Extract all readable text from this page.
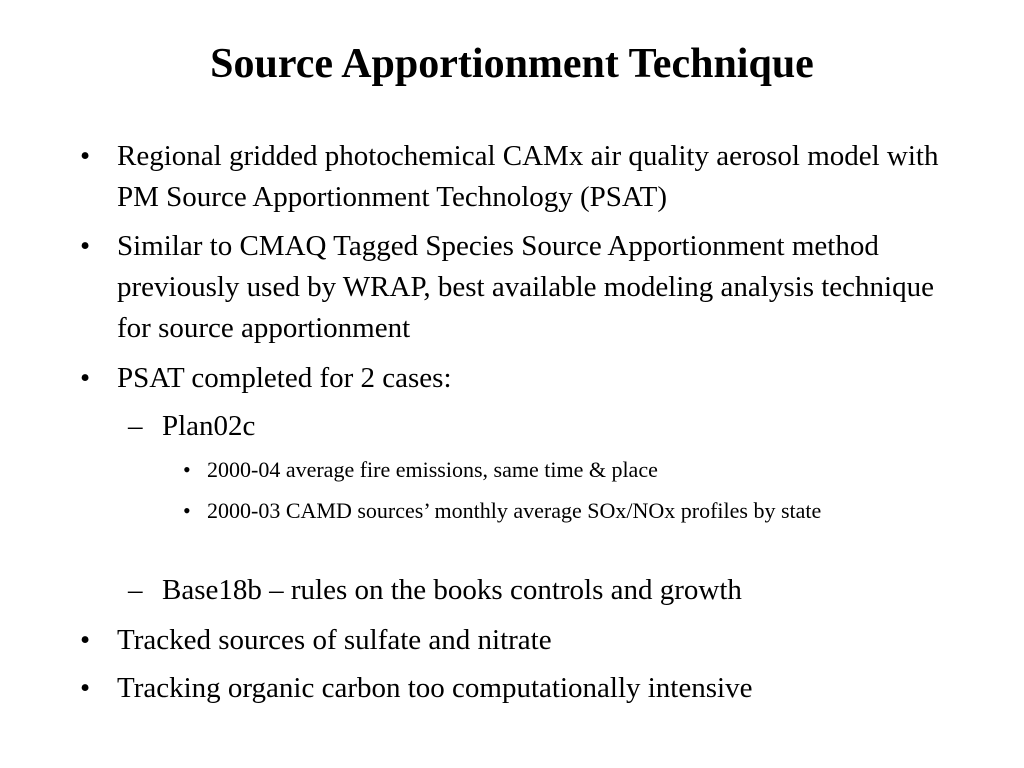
Source Apportionment Technique
• Regional gridded photochemical CAMx air quality aerosol model with PM Source Apportionment Technology (PSAT)
• Similar to CMAQ Tagged Species Source Apportionment method previously used by WRAP, best available modeling analysis technique for source apportionment
• PSAT completed for 2 cases:
– Plan02c
• 2000-04 average fire emissions, same time & place
• 2000-03 CAMD sources’ monthly average SOx/NOx profiles by state
– Base18b – rules on the books controls and growth
• Tracked sources of sulfate and nitrate
• Tracking organic carbon too computationally intensive
